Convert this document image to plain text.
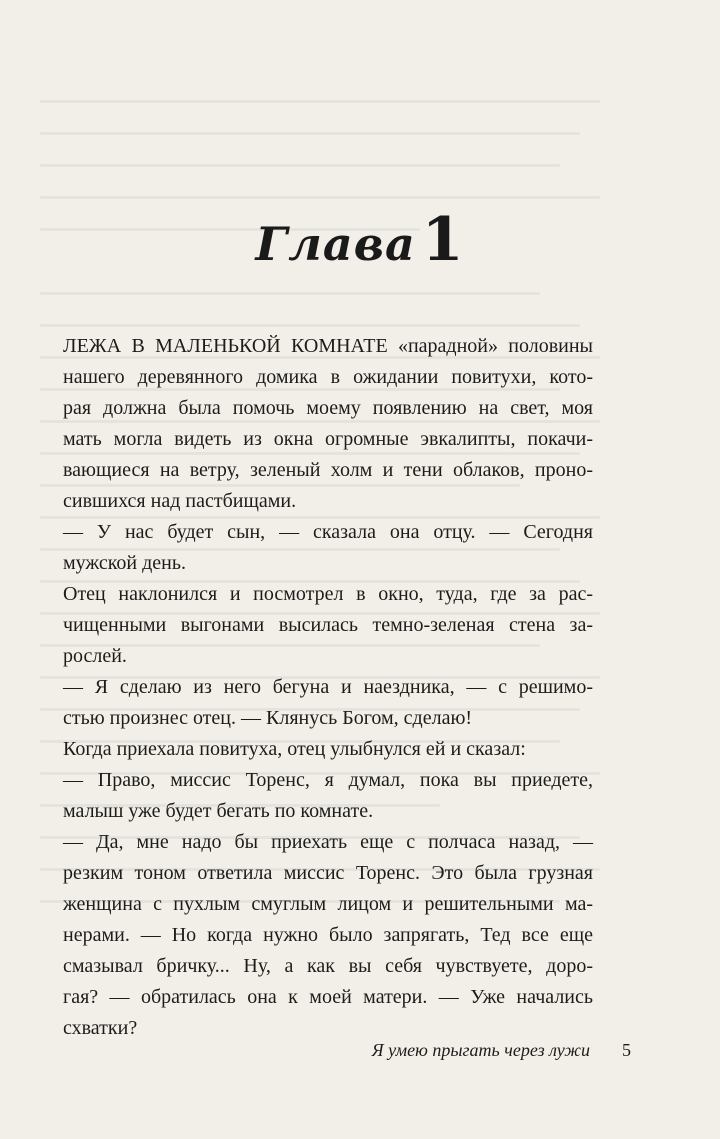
Глава 1
ЛЕЖА В МАЛЕНЬКОЙ КОМНАТЕ «парадной» половины
нашего деревянного домика в ожидании повитухи, кото-
рая должна была помочь моему появлению на свет, моя
мать могла видеть из окна огромные эвкалипты, покачи-
вающиеся на ветру, зеленый холм и тени облаков, проно-
сившихся над пастбищами.
— У нас будет сын, — сказала она отцу. — Сегодня
мужской день.
Отец наклонился и посмотрел в окно, туда, где за рас-
чищенными выгонами высилась темно-зеленая стена за-
рослей.
— Я сделаю из него бегуна и наездника, — с решимо-
стью произнес отец. — Клянусь Богом, сделаю!
Когда приехала повитуха, отец улыбнулся ей и сказал:
— Право, миссис Торенс, я думал, пока вы приедете,
малыш уже будет бегать по комнате.
— Да, мне надо бы приехать еще с полчаса назад, —
резким тоном ответила миссис Торенс. Это была грузная
женщина с пухлым смуглым лицом и решительными ма-
нерами. — Но когда нужно было запрягать, Тед все еще
смазывал бричку... Ну, а как вы себя чувствуете, доро-
гая? — обратилась она к моей матери. — Уже начались
схватки?
Я умею прыгать через лужи 5
